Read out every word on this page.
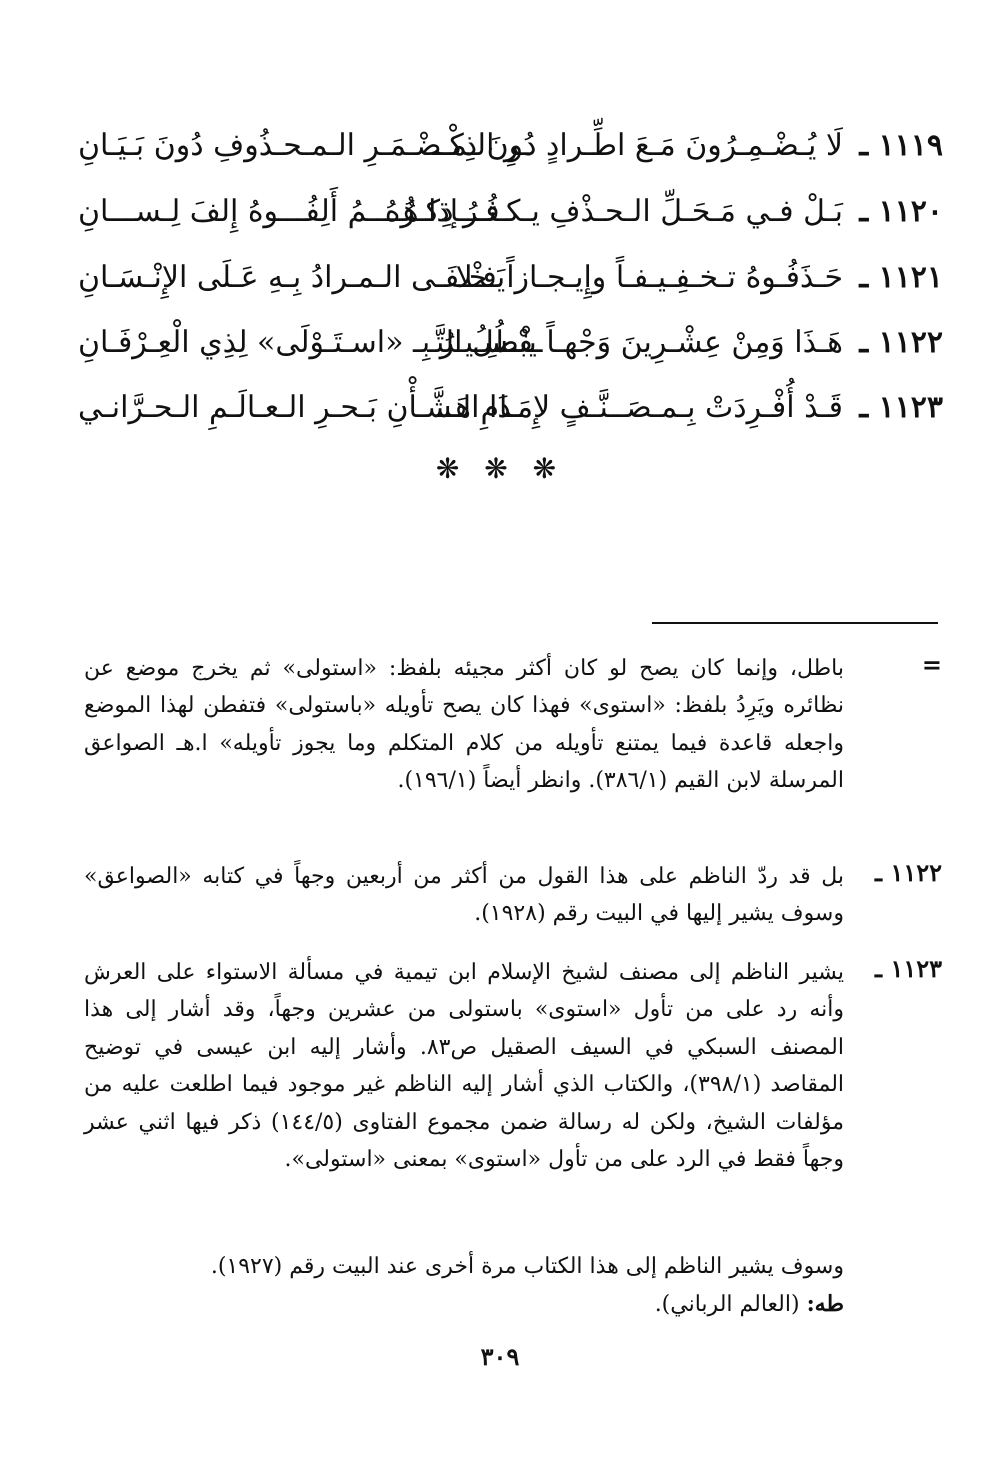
١١١٩ ـ
لَا يُـضْـمِـرُونَ مَـعَ اطِّـرادٍ دُونَ ذِكْــ
ـرِ الـمـضْـمَـرِ الـمـحـذُوفِ دُونَ بَـيَـانِ
١١٢٠ ـ
بَـلْ فـي مَـحَـلِّ الـحـذْفِ يـكـثُـرُ ذِكـرُهُ
فـــإذا هُــــمُ أَلِفُـــوهُ إِلفَ لِـســـانِ
١١٢١ ـ
حَـذَفُـوهُ تـخـفِـيـفـاً وإِيـجـازاً فـلا
يَـخْـفَـى الـمـرادُ بِـهِ عَـلَى الإِنْـسَـانِ
١١٢٢ ـ
هَـذَا وَمِنْ عِشْـرِينَ وَجْهـاً يبْطُلُ التَّـ
ـفْـسِـيـرُ بِـ «اسـتَـوْلَى» لِذِي الْعِـرْفَـانِ
١١٢٣ ـ
قَـدْ أُفْـرِدَتْ بِـمـصَــنَّـفٍ لإِمَـامِ هَــ
ـذَا الـشَّـأْنِ بَـحـرِ الـعـالَـمِ الـحـرَّانـي
❋ ❋ ❋
=
باطل، وإنما كان يصح لو كان أكثر مجيئه بلفظ: «استولى» ثم يخرج موضع عن نظائره ويَرِدُ بلفظ: «استوى» فهذا كان يصح تأويله «باستولى» فتفطن لهذا الموضع واجعله قاعدة فيما يمتنع تأويله من كلام المتكلم وما يجوز تأويله» ا.هـ الصواعق المرسلة لابن القيم (٣٨٦/١). وانظر أيضاً (١٩٦/١).
١١٢٢ ـ
بل قد ردّ الناظم على هذا القول من أكثر من أربعين وجهاً في كتابه «الصواعق» وسوف يشير إليها في البيت رقم (١٩٢٨).
١١٢٣ ـ
يشير الناظم إلى مصنف لشيخ الإسلام ابن تيمية في مسألة الاستواء على العرش وأنه رد على من تأول «استوى» باستولى من عشرين وجهاً، وقد أشار إلى هذا المصنف السبكي في السيف الصقيل ص٨٣. وأشار إليه ابن عيسى في توضيح المقاصد (٣٩٨/١)، والكتاب الذي أشار إليه الناظم غير موجود فيما اطلعت عليه من مؤلفات الشيخ، ولكن له رسالة ضمن مجموع الفتاوى (١٤٤/٥) ذكر فيها اثني عشر وجهاً فقط في الرد على من تأول «استوى» بمعنى «استولى».
وسوف يشير الناظم إلى هذا الكتاب مرة أخرى عند البيت رقم (١٩٢٧).
طه: (العالم الرباني).
٣٠٩
